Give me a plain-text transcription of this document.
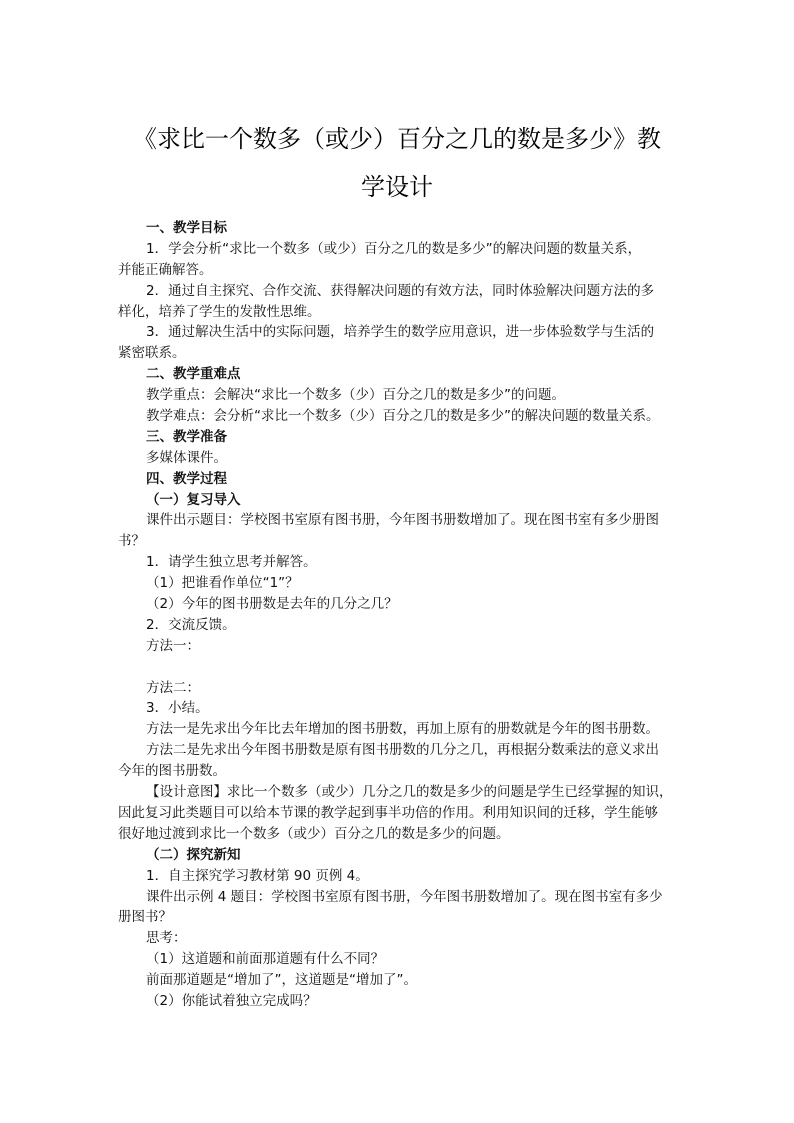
《求比一个数多（或少）百分之几的数是多少》教
学设计
一、教学目标
1．学会分析“求比一个数多（或少）百分之几的数是多少”的解决问题的数量关系，
并能正确解答。
2．通过自主探究、合作交流、获得解决问题的有效方法，同时体验解决问题方法的多
样化，培养了学生的发散性思维。
3．通过解决生活中的实际问题，培养学生的数学应用意识，进一步体验数学与生活的
紧密联系。
二、教学重难点
教学重点：会解决“求比一个数多（少）百分之几的数是多少”的问题。
教学难点：会分析“求比一个数多（少）百分之几的数是多少”的解决问题的数量关系。
三、教学准备
多媒体课件。
四、教学过程
（一）复习导入
课件出示题目：学校图书室原有图书册，今年图书册数增加了。现在图书室有多少册图
书？
1．请学生独立思考并解答。
（1）把谁看作单位“1”？
（2）今年的图书册数是去年的几分之几？
2．交流反馈。
方法一：
方法二：
3．小结。
方法一是先求出今年比去年增加的图书册数，再加上原有的册数就是今年的图书册数。
方法二是先求出今年图书册数是原有图书册数的几分之几，再根据分数乘法的意义求出
今年的图书册数。
【设计意图】求比一个数多（或少）几分之几的数是多少的问题是学生已经掌握的知识，
因此复习此类题目可以给本节课的教学起到事半功倍的作用。利用知识间的迁移，学生能够
很好地过渡到求比一个数多（或少）百分之几的数是多少的问题。
（二）探究新知
1．自主探究学习教材第 90 页例 4。
课件出示例 4 题目：学校图书室原有图书册，今年图书册数增加了。现在图书室有多少
册图书？
思考：
（1）这道题和前面那道题有什么不同？
前面那道题是“增加了”，这道题是“增加了”。
（2）你能试着独立完成吗？
